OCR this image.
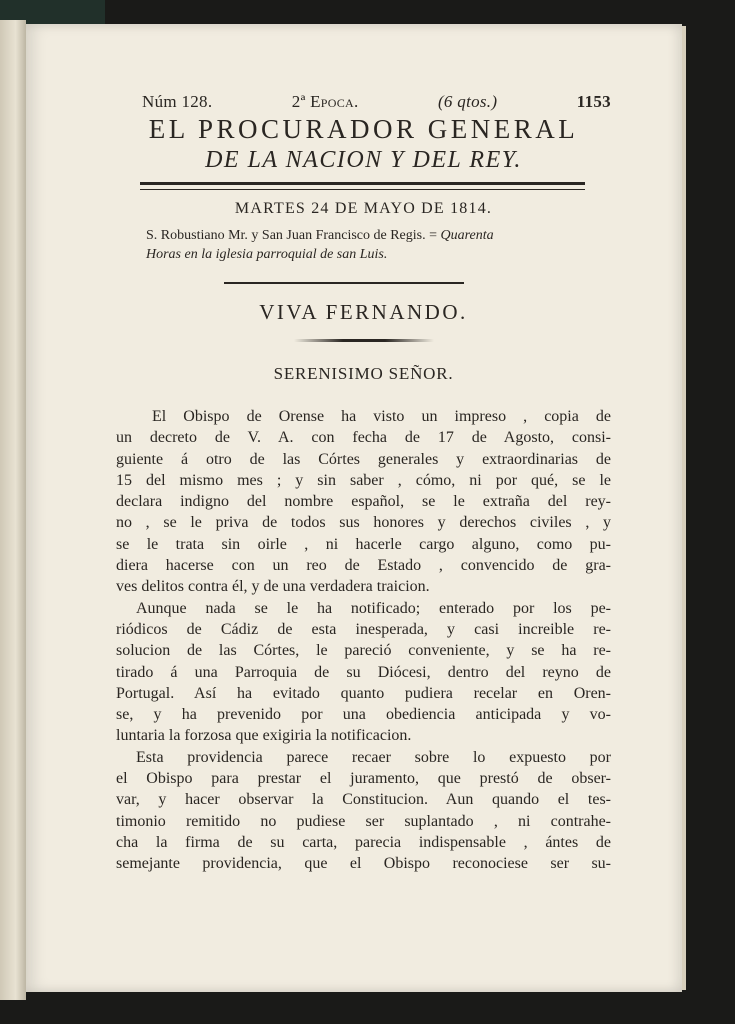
Núm 128.	2ª Epoca.	(6 qtos.)	1153
EL PROCURADOR GENERAL
DE LA NACION Y DEL REY.
MARTES 24 DE MAYO DE 1814.
S. Robustiano Mr. y San Juan Francisco de Regis. = Quarenta
Horas en la iglesia parroquial de san Luis.
VIVA FERNANDO.
SERENISIMO SEÑOR.
El Obispo de Orense ha visto un impreso , copia de
un decreto de V. A. con fecha de 17 de Agosto, consi-
guiente á otro de las Córtes generales y extraordinarias de
15 del mismo mes ; y sin saber , cómo, ni por qué, se le
declara indigno del nombre español, se le extraña del rey-
no , se le priva de todos sus honores y derechos civiles , y
se le trata sin oirle , ni hacerle cargo alguno, como pu-
diera hacerse con un reo de Estado , convencido de gra-
ves delitos contra él, y de una verdadera traicion.
Aunque nada se le ha notificado; enterado por los pe-
riódicos de Cádiz de esta inesperada, y casi increible re-
solucion de las Córtes, le pareció conveniente, y se ha re-
tirado á una Parroquia de su Diócesi, dentro del reyno de
Portugal. Así ha evitado quanto pudiera recelar en Oren-
se, y ha prevenido por una obediencia anticipada y vo-
luntaria la forzosa que exigiria la notificacion.
Esta providencia parece recaer sobre lo expuesto por
el Obispo para prestar el juramento, que prestó de obser-
var, y hacer observar la Constitucion. Aun quando el tes-
timonio remitido no pudiese ser suplantado , ni contrahe-
cha la firma de su carta, parecia indispensable , ántes de
semejante providencia, que el Obispo reconociese ser su-
